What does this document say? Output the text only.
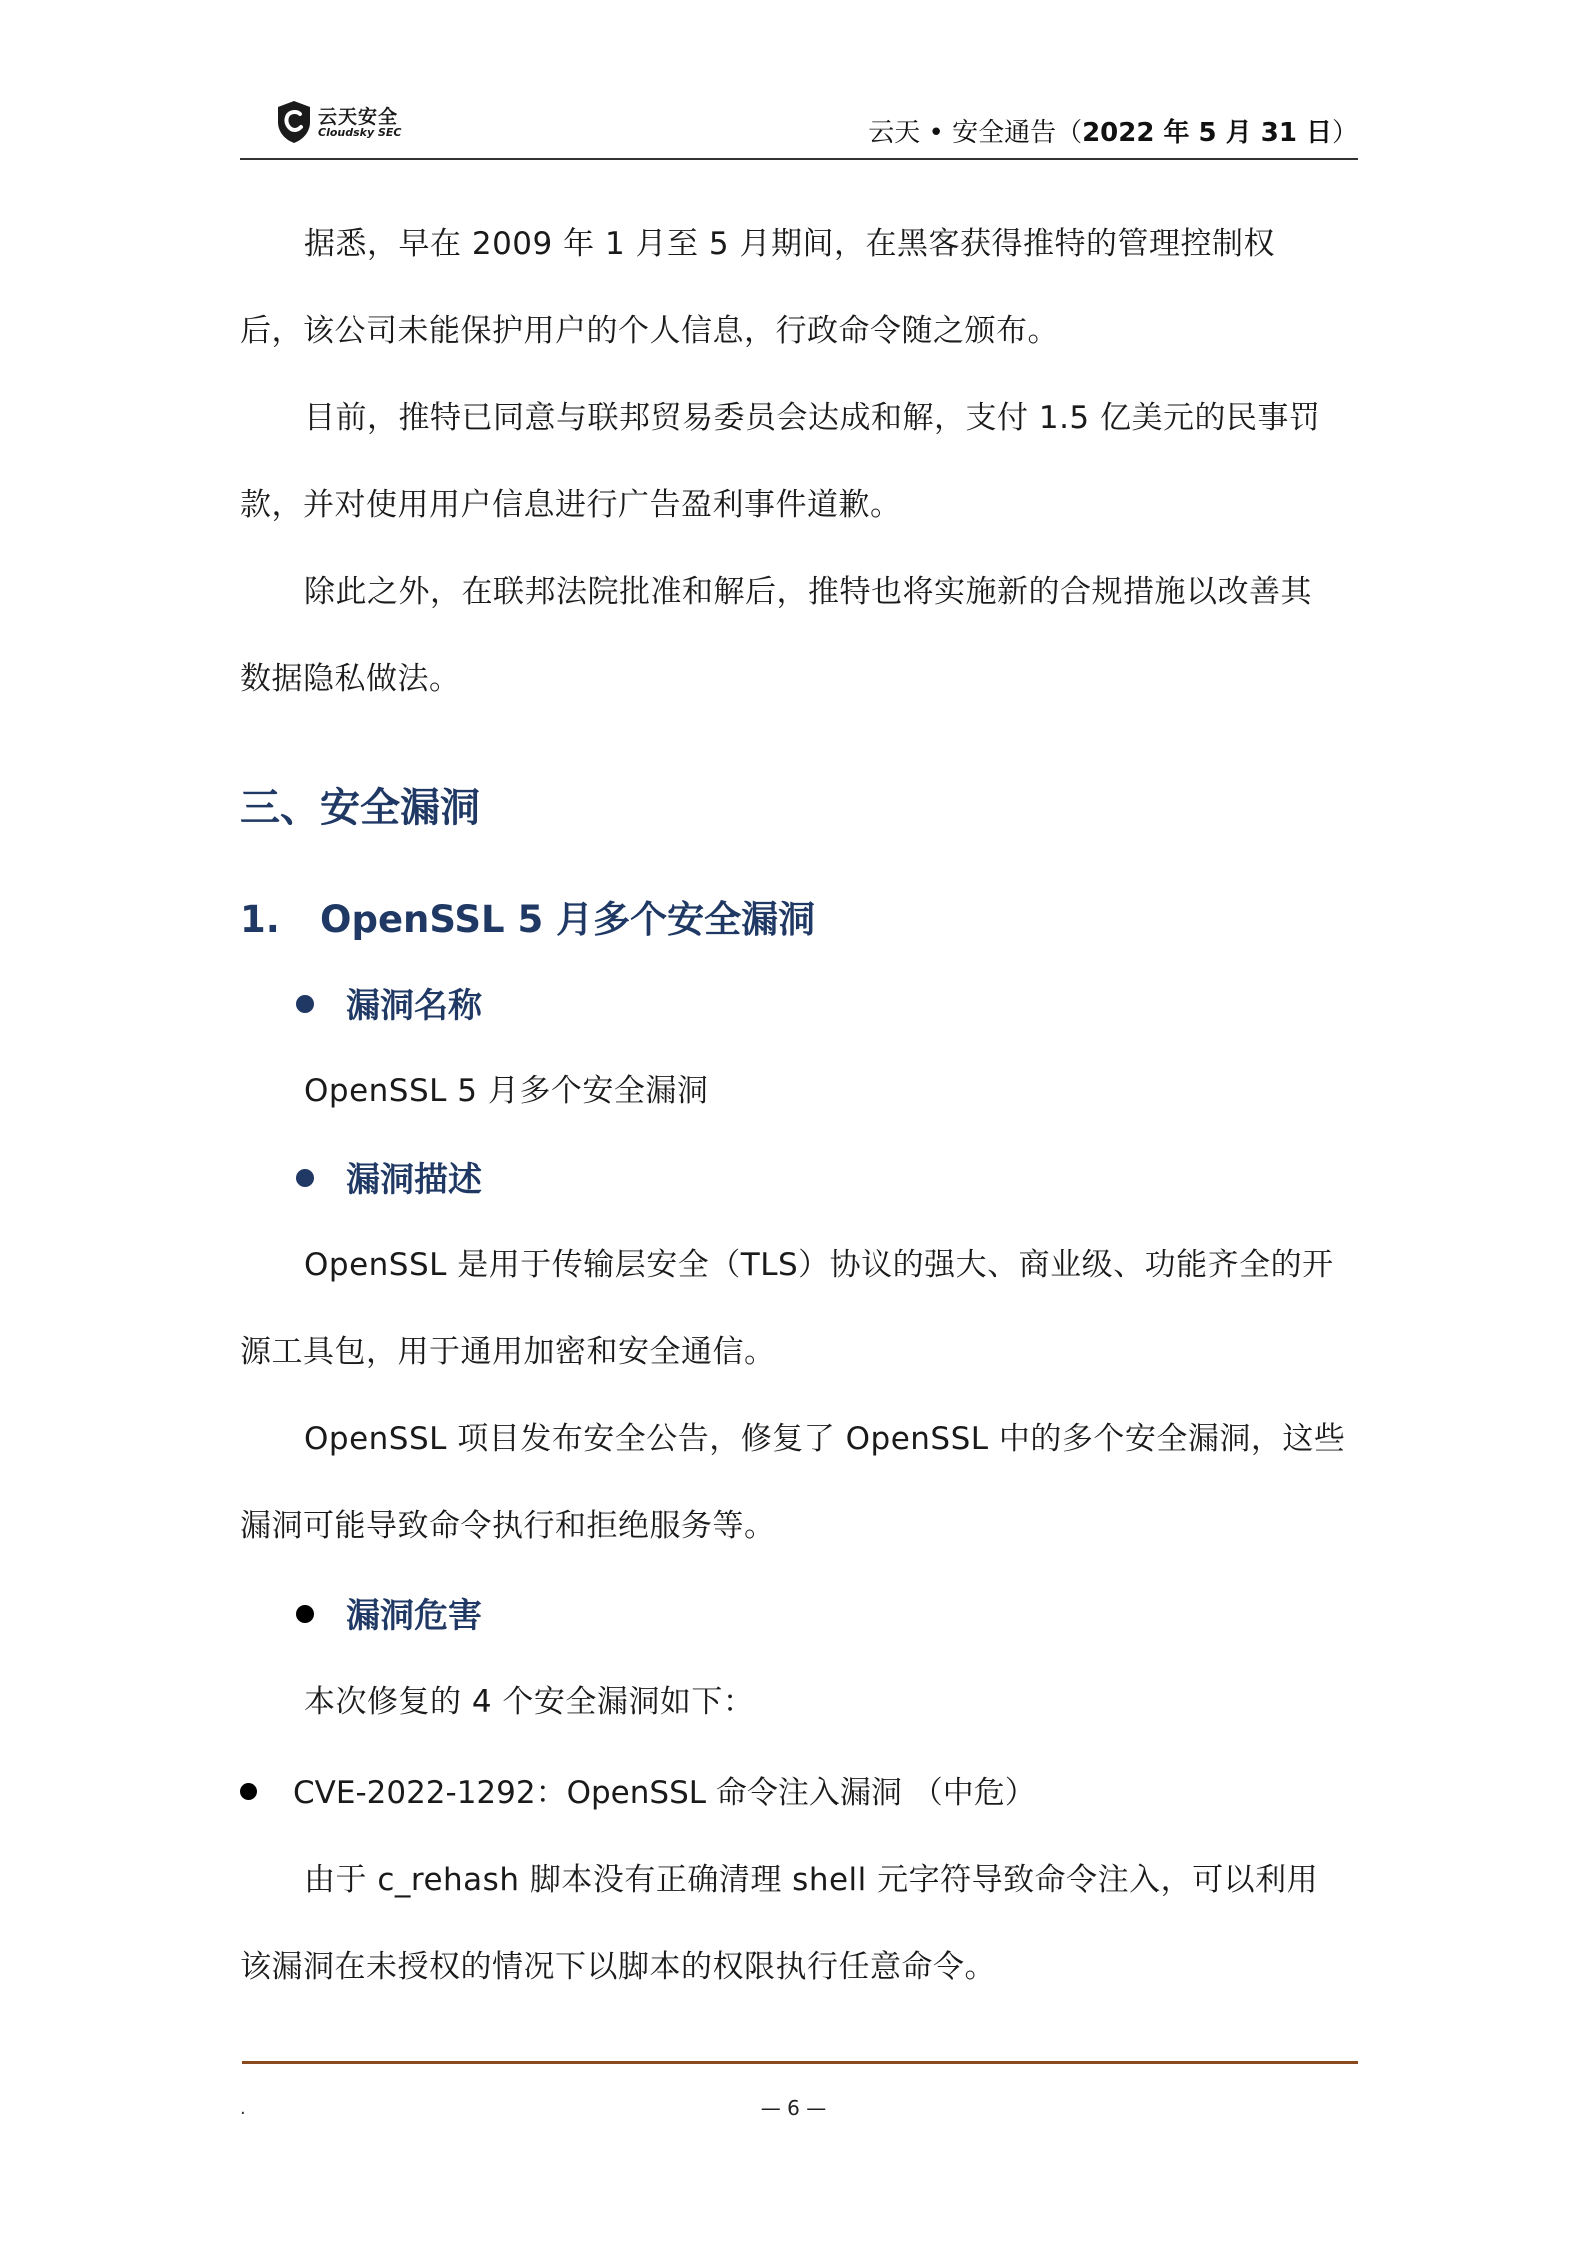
云天安全
Cloudsky SEC	云天 • 安全通告（2022 年 5 月 31 日）
据悉，早在 2009 年 1 月至 5 月期间，在黑客获得推特的管理控制权
后，该公司未能保护用户的个人信息，行政命令随之颁布。
目前，推特已同意与联邦贸易委员会达成和解，支付 1.5 亿美元的民事罚
款，并对使用用户信息进行广告盈利事件道歉。
除此之外，在联邦法院批准和解后，推特也将实施新的合规措施以改善其
数据隐私做法。
三、安全漏洞
1. OpenSSL 5 月多个安全漏洞
漏洞名称
OpenSSL 5 月多个安全漏洞
漏洞描述
OpenSSL 是用于传输层安全（TLS）协议的强大、商业级、功能齐全的开
源工具包，用于通用加密和安全通信。
OpenSSL 项目发布安全公告，修复了 OpenSSL 中的多个安全漏洞，这些
漏洞可能导致命令执行和拒绝服务等。
漏洞危害
本次修复的 4 个安全漏洞如下：
CVE-2022-1292：OpenSSL 命令注入漏洞 （中危）
由于 c_rehash 脚本没有正确清理 shell 元字符导致命令注入，可以利用
该漏洞在未授权的情况下以脚本的权限执行任意命令。
.	— 6 —
